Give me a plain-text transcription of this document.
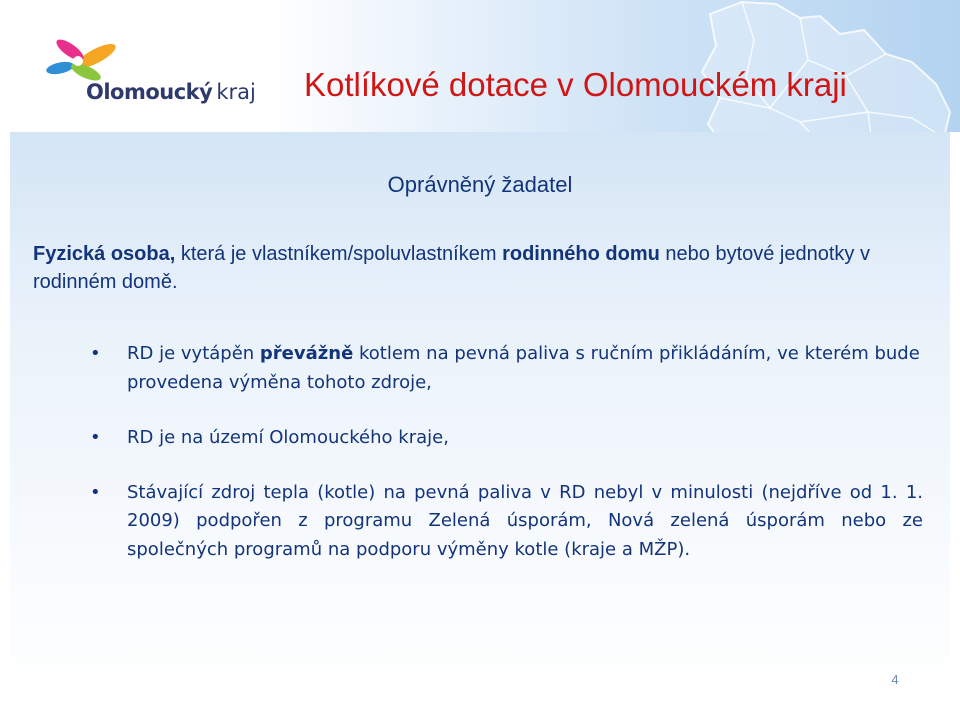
Olomoucký kraj Kotlíkové dotace v Olomouckém kraji
Oprávněný žadatel
Fyzická osoba, která je vlastníkem/spoluvlastníkem rodinného domu nebo bytové jednotky v rodinném domě.
• RD je vytápěn převážně kotlem na pevná paliva s ručním přikládáním, ve kterém bude provedena výměna tohoto zdroje,
• RD je na území Olomouckého kraje,
• Stávající zdroj tepla (kotle) na pevná paliva v RD nebyl v minulosti (nejdříve od 1. 1. 2009) podpořen z programu Zelená úsporám, Nová zelená úsporám nebo ze společných programů na podporu výměny kotle (kraje a MŽP).
4
